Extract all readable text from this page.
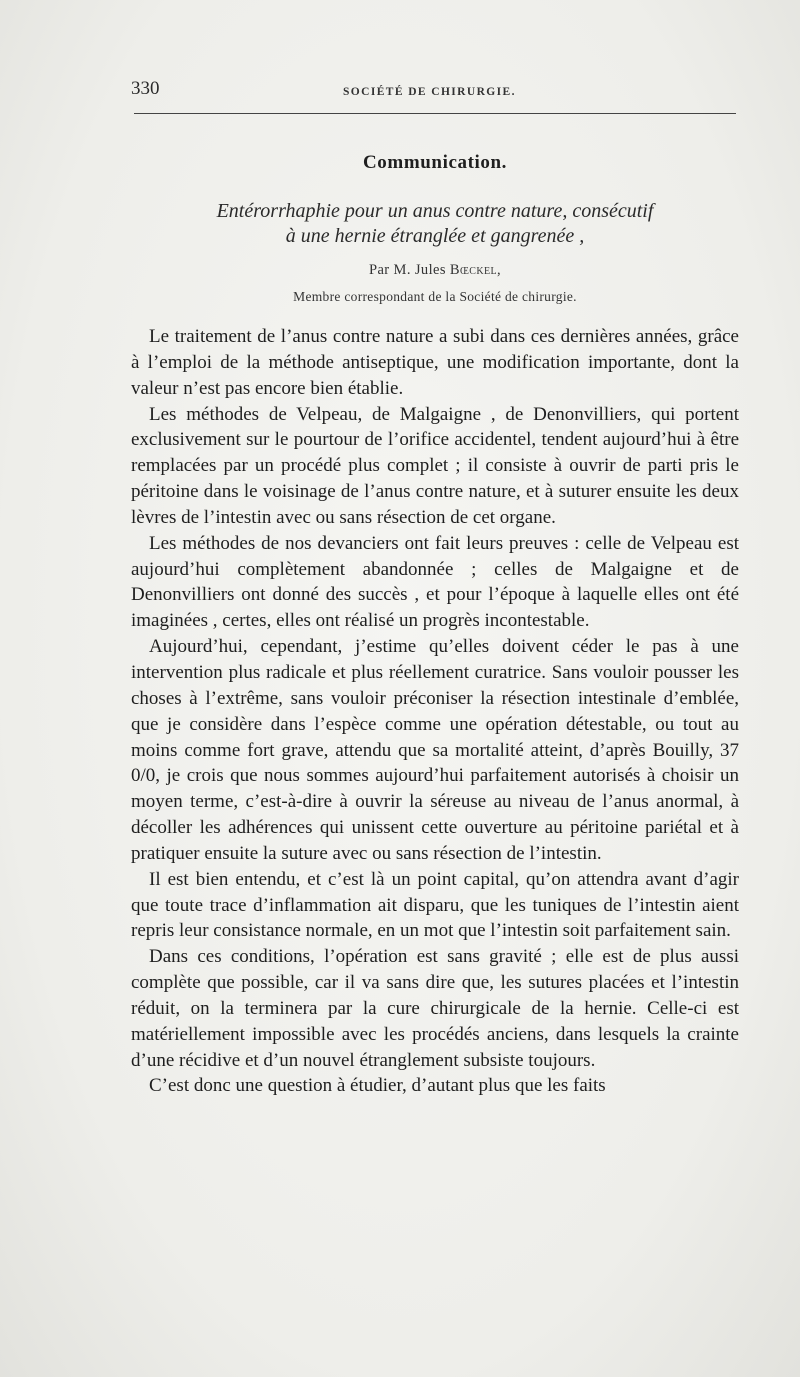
330	SOCIÉTÉ DE CHIRURGIE.
Communication.
Entérorrhaphie pour un anus contre nature, consécutif
à une hernie étranglée et gangrenée ,
Par M. Jules Bœckel,
Membre correspondant de la Société de chirurgie.

Le traitement de l’anus contre nature a subi dans ces dernières années, grâce à l’emploi de la méthode antiseptique, une modification importante, dont la valeur n’est pas encore bien établie.

Les méthodes de Velpeau, de Malgaigne , de Denonvilliers, qui portent exclusivement sur le pourtour de l’orifice accidentel, tendent aujourd’hui à être remplacées par un procédé plus complet ; il consiste à ouvrir de parti pris le péritoine dans le voisinage de l’anus contre nature, et à suturer ensuite les deux lèvres de l’intestin avec ou sans résection de cet organe.

Les méthodes de nos devanciers ont fait leurs preuves : celle de Velpeau est aujourd’hui complètement abandonnée ; celles de Malgaigne et de Denonvilliers ont donné des succès , et pour l’époque à laquelle elles ont été imaginées , certes, elles ont réalisé un progrès incontestable.

Aujourd’hui, cependant, j’estime qu’elles doivent céder le pas à une intervention plus radicale et plus réellement curatrice. Sans vouloir pousser les choses à l’extrême, sans vouloir préconiser la résection intestinale d’emblée, que je considère dans l’espèce comme une opération détestable, ou tout au moins comme fort grave, attendu que sa mortalité atteint, d’après Bouilly, 37 0/0, je crois que nous sommes aujourd’hui parfaitement autorisés à choisir un moyen terme, c’est-à-dire à ouvrir la séreuse au niveau de l’anus anormal, à décoller les adhérences qui unissent cette ouverture au péritoine pariétal et à pratiquer ensuite la suture avec ou sans résection de l’intestin.

Il est bien entendu, et c’est là un point capital, qu’on attendra avant d’agir que toute trace d’inflammation ait disparu, que les tuniques de l’intestin aient repris leur consistance normale, en un mot que l’intestin soit parfaitement sain.

Dans ces conditions, l’opération est sans gravité ; elle est de plus aussi complète que possible, car il va sans dire que, les sutures placées et l’intestin réduit, on la terminera par la cure chirurgicale de la hernie. Celle-ci est matériellement impossible avec les procédés anciens, dans lesquels la crainte d’une récidive et d’un nouvel étranglement subsiste toujours.

C’est donc une question à étudier, d’autant plus que les faits
